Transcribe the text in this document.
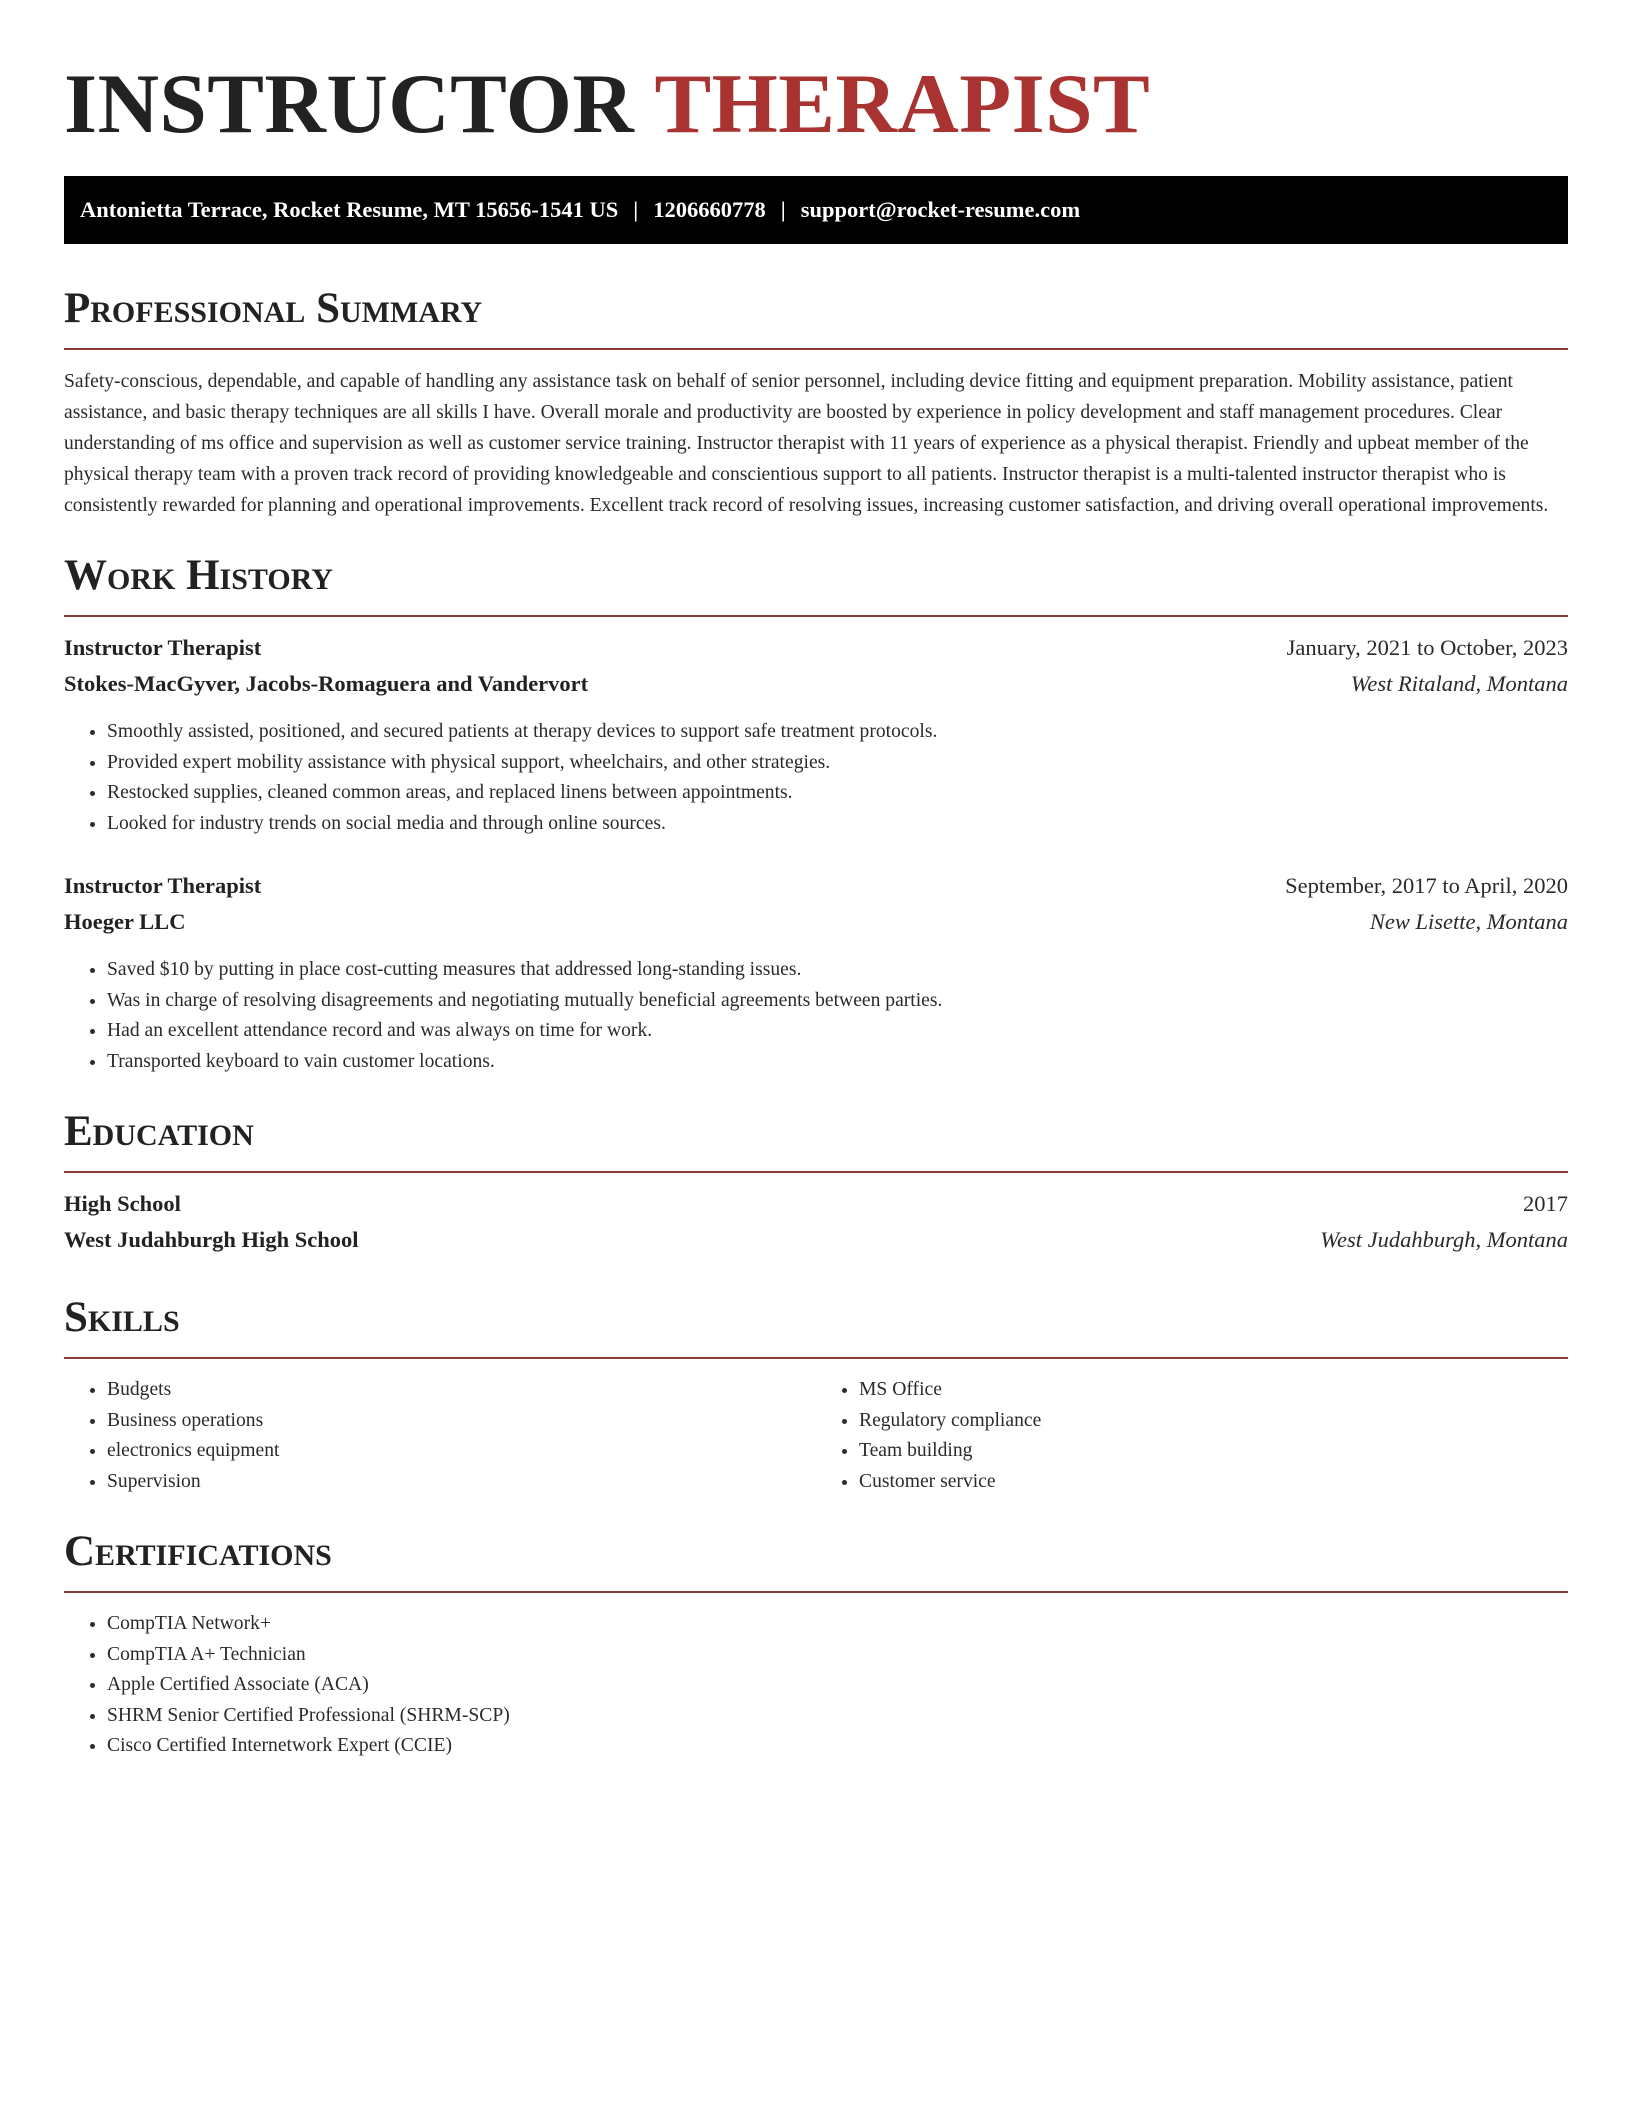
INSTRUCTOR THERAPIST
Antonietta Terrace, Rocket Resume, MT 15656-1541 US | 1206660778 | support@rocket-resume.com
Professional Summary

Safety-conscious, dependable, and capable of handling any assistance task on behalf of senior personnel, including device fitting and equipment preparation. Mobility assistance, patient assistance, and basic therapy techniques are all skills I have. Overall morale and productivity are boosted by experience in policy development and staff management procedures. Clear understanding of ms office and supervision as well as customer service training. Instructor therapist with 11 years of experience as a physical therapist. Friendly and upbeat member of the physical therapy team with a proven track record of providing knowledgeable and conscientious support to all patients. Instructor therapist is a multi-talented instructor therapist who is consistently rewarded for planning and operational improvements. Excellent track record of resolving issues, increasing customer satisfaction, and driving overall operational improvements.

Work History
Instructor Therapist	January, 2021 to October, 2023
Stokes-MacGyver, Jacobs-Romaguera and Vandervort	West Ritaland, Montana
• Smoothly assisted, positioned, and secured patients at therapy devices to support safe treatment protocols.
• Provided expert mobility assistance with physical support, wheelchairs, and other strategies.
• Restocked supplies, cleaned common areas, and replaced linens between appointments.
• Looked for industry trends on social media and through online sources.
Instructor Therapist	September, 2017 to April, 2020
Hoeger LLC	New Lisette, Montana
• Saved $10 by putting in place cost-cutting measures that addressed long-standing issues.
• Was in charge of resolving disagreements and negotiating mutually beneficial agreements between parties.
• Had an excellent attendance record and was always on time for work.
• Transported keyboard to vain customer locations.
Education
High School	2017
West Judahburgh High School	West Judahburgh, Montana
Skills
• Budgets
• Business operations
• electronics equipment
• Supervision
• MS Office
• Regulatory compliance
• Team building
• Customer service
Certifications
• CompTIA Network+
• CompTIA A+ Technician
• Apple Certified Associate (ACA)
• SHRM Senior Certified Professional (SHRM-SCP)
• Cisco Certified Internetwork Expert (CCIE)
